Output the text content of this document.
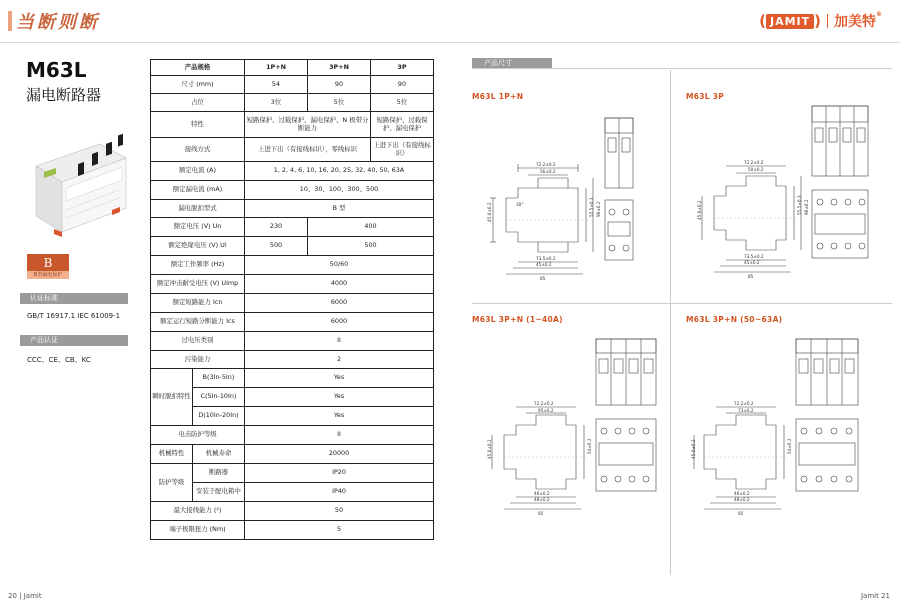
当断则断	( JAMIT ) 加美特®
M63L
漏电断路器
B
B型漏电保护
认证标准
GB/T 16917.1 IEC 61009-1
产品认证
CCC、CE、CB、KC
产品规格		1P+N	3P+N	3P
尺寸 (mm)		54	90	90
占位		3位	5位	5位
特性		短路保护、过载保护、漏电保护、N 极带分断能力		短路保护、过载保护、漏电保护
接线方式		上进下出（有接线标识），零线标识		上进下出（有接线标识）
额定电流 (A)		1, 2, 4, 6, 10, 16, 20, 25, 32, 40, 50, 63A		
额定漏电流 (mA)		10、30、100、300、500		
漏电脱扣型式		B 型		
额定电压 (V) Un		230	400	
额定绝缘电压 (V) Ui		500	500	
额定工作频率 (Hz)		50/60		
额定冲击耐受电压 (V) Uimp		4000		
额定短路能力 Icn		6000		
额定运行短路分断能力 Ics		6000		
过电压类别		II		
污染能力		2		
瞬时脱扣特性	B(3In-5In)	Yes		
	C(5In-10In)	Yes		
	D(10In-20In)	Yes		
电击防护等级		II		
机械特性	机械寿命	20000		
防护等级	断路器	IP20		
	安装于配电箱中	IP40		
最大接线能力 (²)		50		
端子极限扭力 (Nm)		5		
产品尺寸
M63L 1P+N	M63L 3P
M63L 3P+N (1~40A)	M63L 3P+N (50~63A)
72.2±0.2
56±0.2
73.5±0.2
45±0.2
85
45.0±0.2	55.5±0.3 90±0.2
30°
72.2±0.2
50±0.2
73.5±0.2
45±0.2
85
45.0±0.2	55.5±0.3 90±0.2
72.2±0.2
95±0.2
46±0.2
48±0.2
85
45.0±0.2	54±0.2
72.2±0.2
73±0.2
46±0.2
48±0.2
85
45.0±0.2	54±0.2
20 | Jamit	Jamit 21
